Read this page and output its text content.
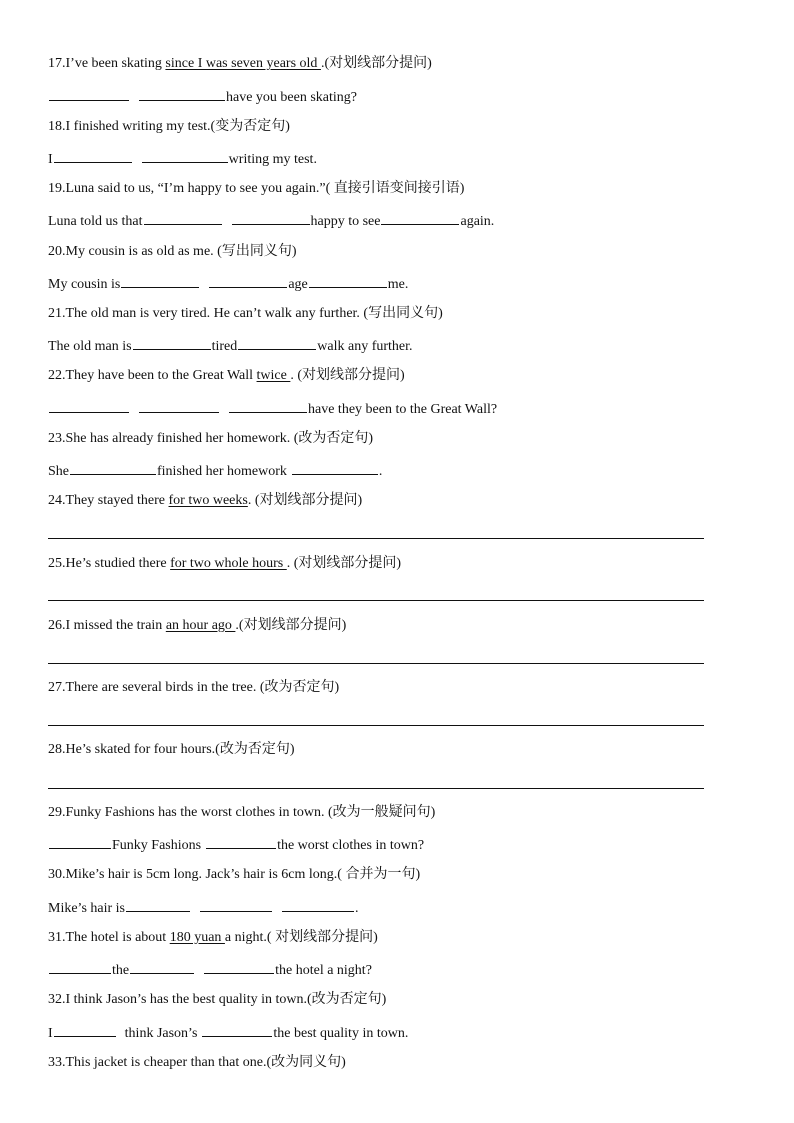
17.I’ve been skating since I was seven years old .(对划线部分提问)
have you been skating?
18.I finished writing my test.(变为否定句)
I	writing my test.
19.Luna said to us, “I’m happy to see you again.”( 直接引语变间接引语)
Luna told us that	happy to see	again.
20.My cousin is as old as me. (写出同义句)
My cousin is	age	me.
21.The old man is very tired. He can’t walk any further. (写出同义句)
The old man is	tired	walk any further.
22.They have been to the Great Wall twice . (对划线部分提问)
have they been to the Great Wall?
23.She has already finished her homework. (改为否定句)
She	finished her homework	.
24.They stayed there for two weeks. (对划线部分提问)
25.He’s studied there for two whole hours . (对划线部分提问)
26.I missed the train an hour ago .(对划线部分提问)
27.There are several birds in the tree. (改为否定句)
28.He’s skated for four hours.(改为否定句)
29.Funky Fashions has the worst clothes in town. (改为一般疑问句)
Funky Fashions	the worst clothes in town?
30.Mike’s hair is 5cm long. Jack’s hair is 6cm long.( 合并为一句)
Mike’s hair is	.
31.The hotel is about 180 yuan a night.( 对划线部分提问)
the	the hotel a night?
32.I think Jason’s has the best quality in town.(改为否定句)
I	think Jason’s	the best quality in town.
33.This jacket is cheaper than that one.(改为同义句)
